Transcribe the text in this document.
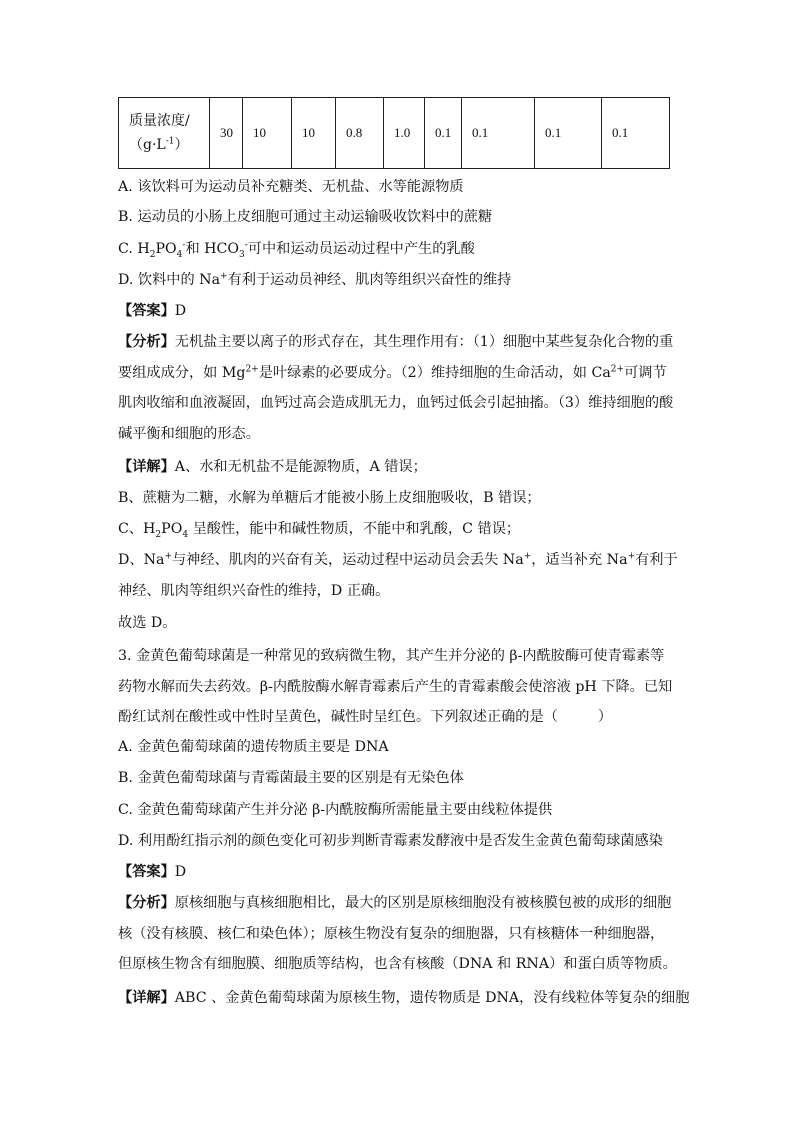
质量浓度/
$(g\cdot L^{-1})$	30	10	10	0.8	1.0	0.1	0.1	0.1	0.1
A. 该饮料可为运动员补充糖类、无机盐、水等能源物质
B. 运动员的小肠上皮细胞可通过主动运输吸收饮料中的蔗糖
C. $H_2PO_4^-$和 $HCO_3^-$可中和运动员运动过程中产生的乳酸
D. 饮料中的 Na+有利于运动员神经、肌肉等组织兴奋性的维持
【答案】D
【分析】无机盐主要以离子的形式存在，其生理作用有：（1）细胞中某些复杂化合物的重要组成成分，如 $Mg^{2+}$是叶绿素的必要成分。（2）维持细胞的生命活动，如 $Ca^{2+}$可调节肌肉收缩和血液凝固，血钙过高会造成肌无力，血钙过低会引起抽搐。（3）维持细胞的酸碱平衡和细胞的形态。
【详解】A、水和无机盐不是能源物质，A 错误；
B、蔗糖为二糖，水解为单糖后才能被小肠上皮细胞吸收，B 错误；
C、$H_2PO_4$ 呈酸性，能中和碱性物质，不能中和乳酸，C 错误；
D、Na+与神经、肌肉的兴奋有关，运动过程中运动员会丢失 Na+，适当补充 Na+有利于神经、肌肉等组织兴奋性的维持，D 正确。
故选 D。
3. 金黄色葡萄球菌是一种常见的致病微生物，其产生并分泌的 β-内酰胺酶可使青霉素等药物水解而失去药效。β-内酰胺酶水解青霉素后产生的青霉素酸会使溶液 pH 下降。已知酚红试剂在酸性或中性时呈黄色，碱性时呈红色。下列叙述正确的是（	）
A. 金黄色葡萄球菌的遗传物质主要是 DNA
B. 金黄色葡萄球菌与青霉菌最主要的区别是有无染色体
C. 金黄色葡萄球菌产生并分泌 β-内酰胺酶所需能量主要由线粒体提供
D. 利用酚红指示剂的颜色变化可初步判断青霉素发酵液中是否发生金黄色葡萄球菌感染
【答案】D
【分析】原核细胞与真核细胞相比，最大的区别是原核细胞没有被核膜包被的成形的细胞核（没有核膜、核仁和染色体）；原核生物没有复杂的细胞器，只有核糖体一种细胞器，但原核生物含有细胞膜、细胞质等结构，也含有核酸（DNA 和 RNA）和蛋白质等物质。
【详解】ABC 、金黄色葡萄球菌为原核生物，遗传物质是 DNA，没有线粒体等复杂的细胞
